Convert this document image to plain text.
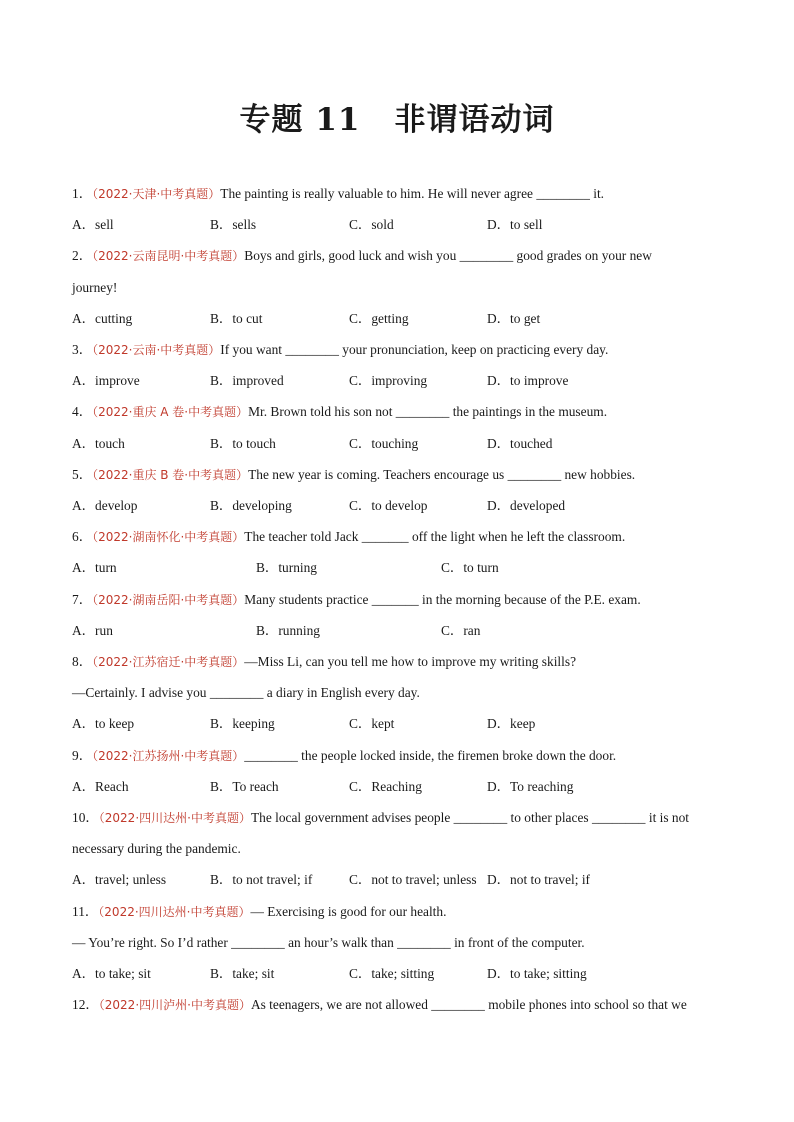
专题 11 非谓语动词
1．（2022·天津·中考真题）The painting is really valuable to him. He will never agree ________ it.
A．sell	B．sells	C．sold	D．to sell
2．（2022·云南昆明·中考真题）Boys and girls, good luck and wish you ________ good grades on your new
journey!
A．cutting	B．to cut	C．getting	D．to get
3．（2022·云南·中考真题）If you want ________ your pronunciation, keep on practicing every day.
A．improve	B．improved	C．improving	D．to improve
4．（2022·重庆 A 卷·中考真题）Mr. Brown told his son not ________ the paintings in the museum.
A．touch	B．to touch	C．touching	D．touched
5．（2022·重庆 B 卷·中考真题）The new year is coming. Teachers encourage us ________ new hobbies.
A．develop	B．developing	C．to develop	D．developed
6．（2022·湖南怀化·中考真题）The teacher told Jack _______ off the light when he left the classroom.
A．turn	B．turning	C．to turn
7．（2022·湖南岳阳·中考真题）Many students practice _______ in the morning because of the P.E. exam.
A．run	B．running	C．ran
8．（2022·江苏宿迁·中考真题）—Miss Li, can you tell me how to improve my writing skills?
—Certainly. I advise you ________ a diary in English every day.
A．to keep	B．keeping	C．kept	D．keep
9．（2022·江苏扬州·中考真题）________ the people locked inside, the firemen broke down the door.
A．Reach	B．To reach	C．Reaching	D．To reaching
10．（2022·四川达州·中考真题）The local government advises people ________ to other places ________ it is not
necessary during the pandemic.
A．travel; unless	B．to not travel; if	C．not to travel; unless D．not to travel; if
11．（2022·四川达州·中考真题）— Exercising is good for our health.
— You’re right. So I’d rather ________ an hour’s walk than ________ in front of the computer.
A．to take; sit	B．take; sit	C．take; sitting	D．to take; sitting
12．（2022·四川泸州·中考真题）As teenagers, we are not allowed ________ mobile phones into school so that we
